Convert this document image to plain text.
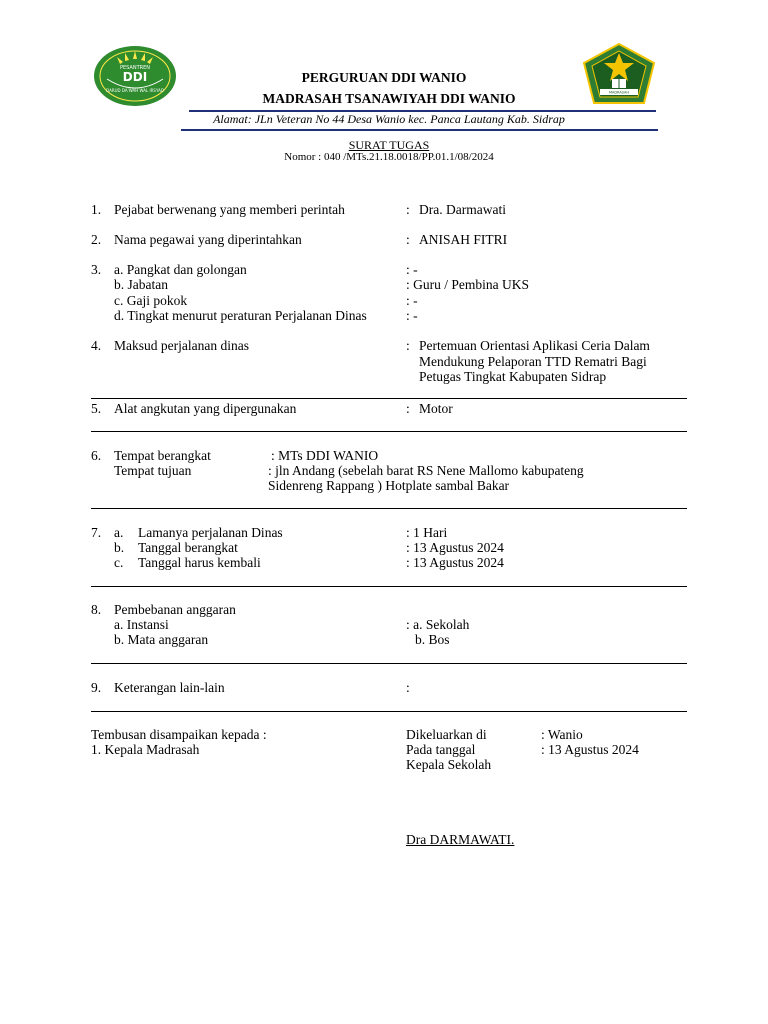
PESANTREN
DDI
DARUD DA'WAH WAL IRSYAD
PERGURUAN DDI WANIO
MADRASAH TSANAWIYAH DDI WANIO	MADRASAH
Alamat: JLn Veteran No 44 Desa Wanio kec. Panca Lautang Kab. Sidrap
SURAT TUGAS
Nomor : 040 /MTs.21.18.0018/PP.01.1/08/2024
1. Pejabat berwenang yang memberi perintah	: Dra. Darmawati
2. Nama pegawai yang diperintahkan	: ANISAH FITRI
3. a. Pangkat dan golongan	: -
b. Jabatan	: Guru / Pembina UKS
c. Gaji pokok	: -
d. Tingkat menurut peraturan Perjalanan Dinas	: -
4. Maksud perjalanan dinas	: Pertemuan Orientasi Aplikasi Ceria Dalam
Mendukung Pelaporan TTD Rematri Bagi
Petugas Tingkat Kabupaten Sidrap
5. Alat angkutan yang dipergunakan	: Motor
6. Tempat berangkat	: MTs DDI WANIO
Tempat tujuan	: jln Andang (sebelah barat RS Nene Mallomo kabupateng
Sidenreng Rappang ) Hotplate sambal Bakar
7. a. Lamanya perjalanan Dinas	: 1 Hari
b. Tanggal berangkat	: 13 Agustus 2024
c. Tanggal harus kembali	: 13 Agustus 2024
8. Pembebanan anggaran
a. Instansi	: a. Sekolah
b. Mata anggaran	b. Bos
9. Keterangan lain-lain	:
Tembusan disampaikan kepada :
1. Kepala Madrasah
Dikeluarkan di	: Wanio
Pada tanggal	: 13 Agustus 2024
Kepala Sekolah
Dra DARMAWATI.
